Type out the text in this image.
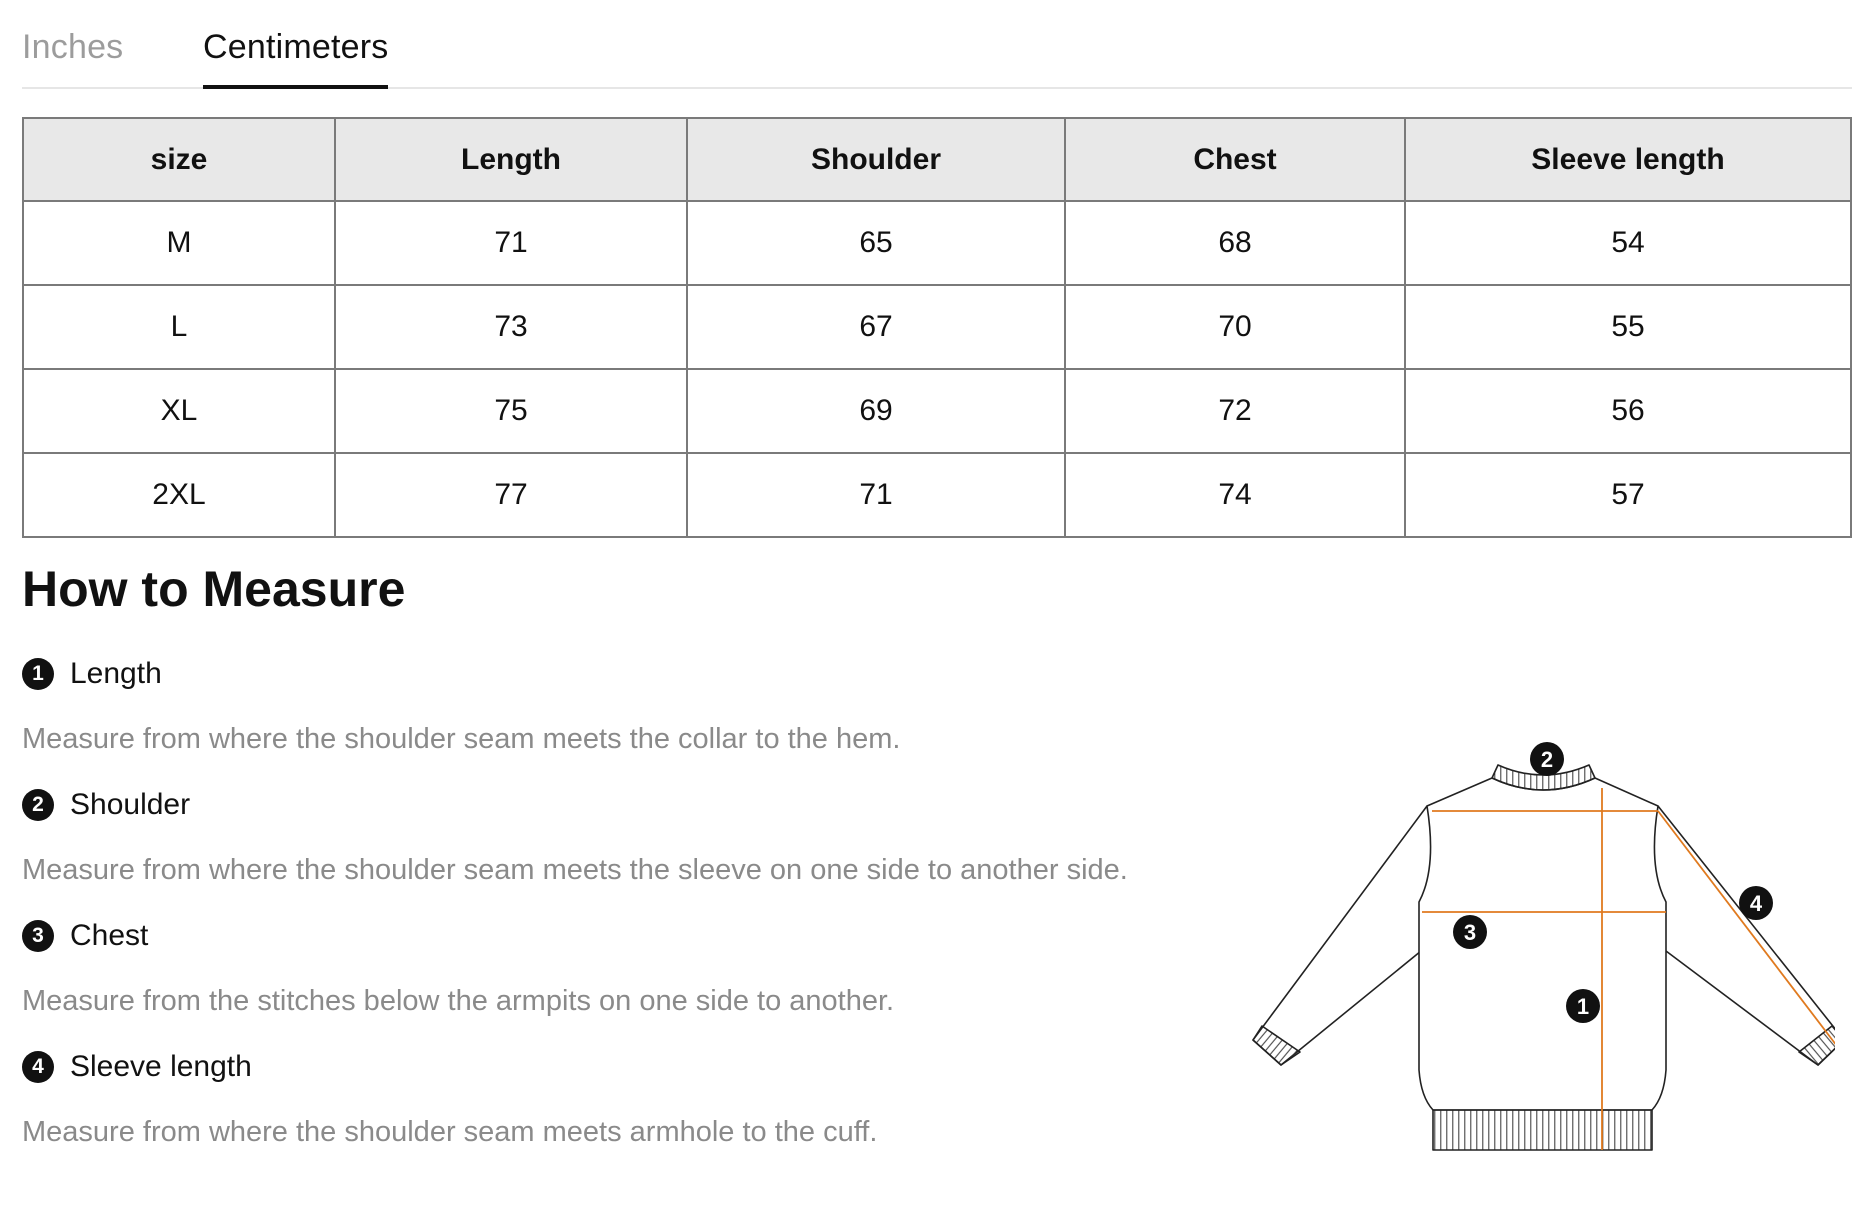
Inches Centimeters
size	Length	Shoulder	Chest	Sleeve length
M	71	65	68	54
L	73	67	70	55
XL	75	69	72	56
2XL	77	71	74	57
How to Measure
1 Length

Measure from where the shoulder seam meets the collar to the hem.

2 Shoulder

Measure from where the shoulder seam meets the sleeve on one side to another side.

3 Chest

Measure from the stitches below the armpits on one side to another.

4 Sleeve length

Measure from where the shoulder seam meets armhole to the cuff.

1
2
3
4
